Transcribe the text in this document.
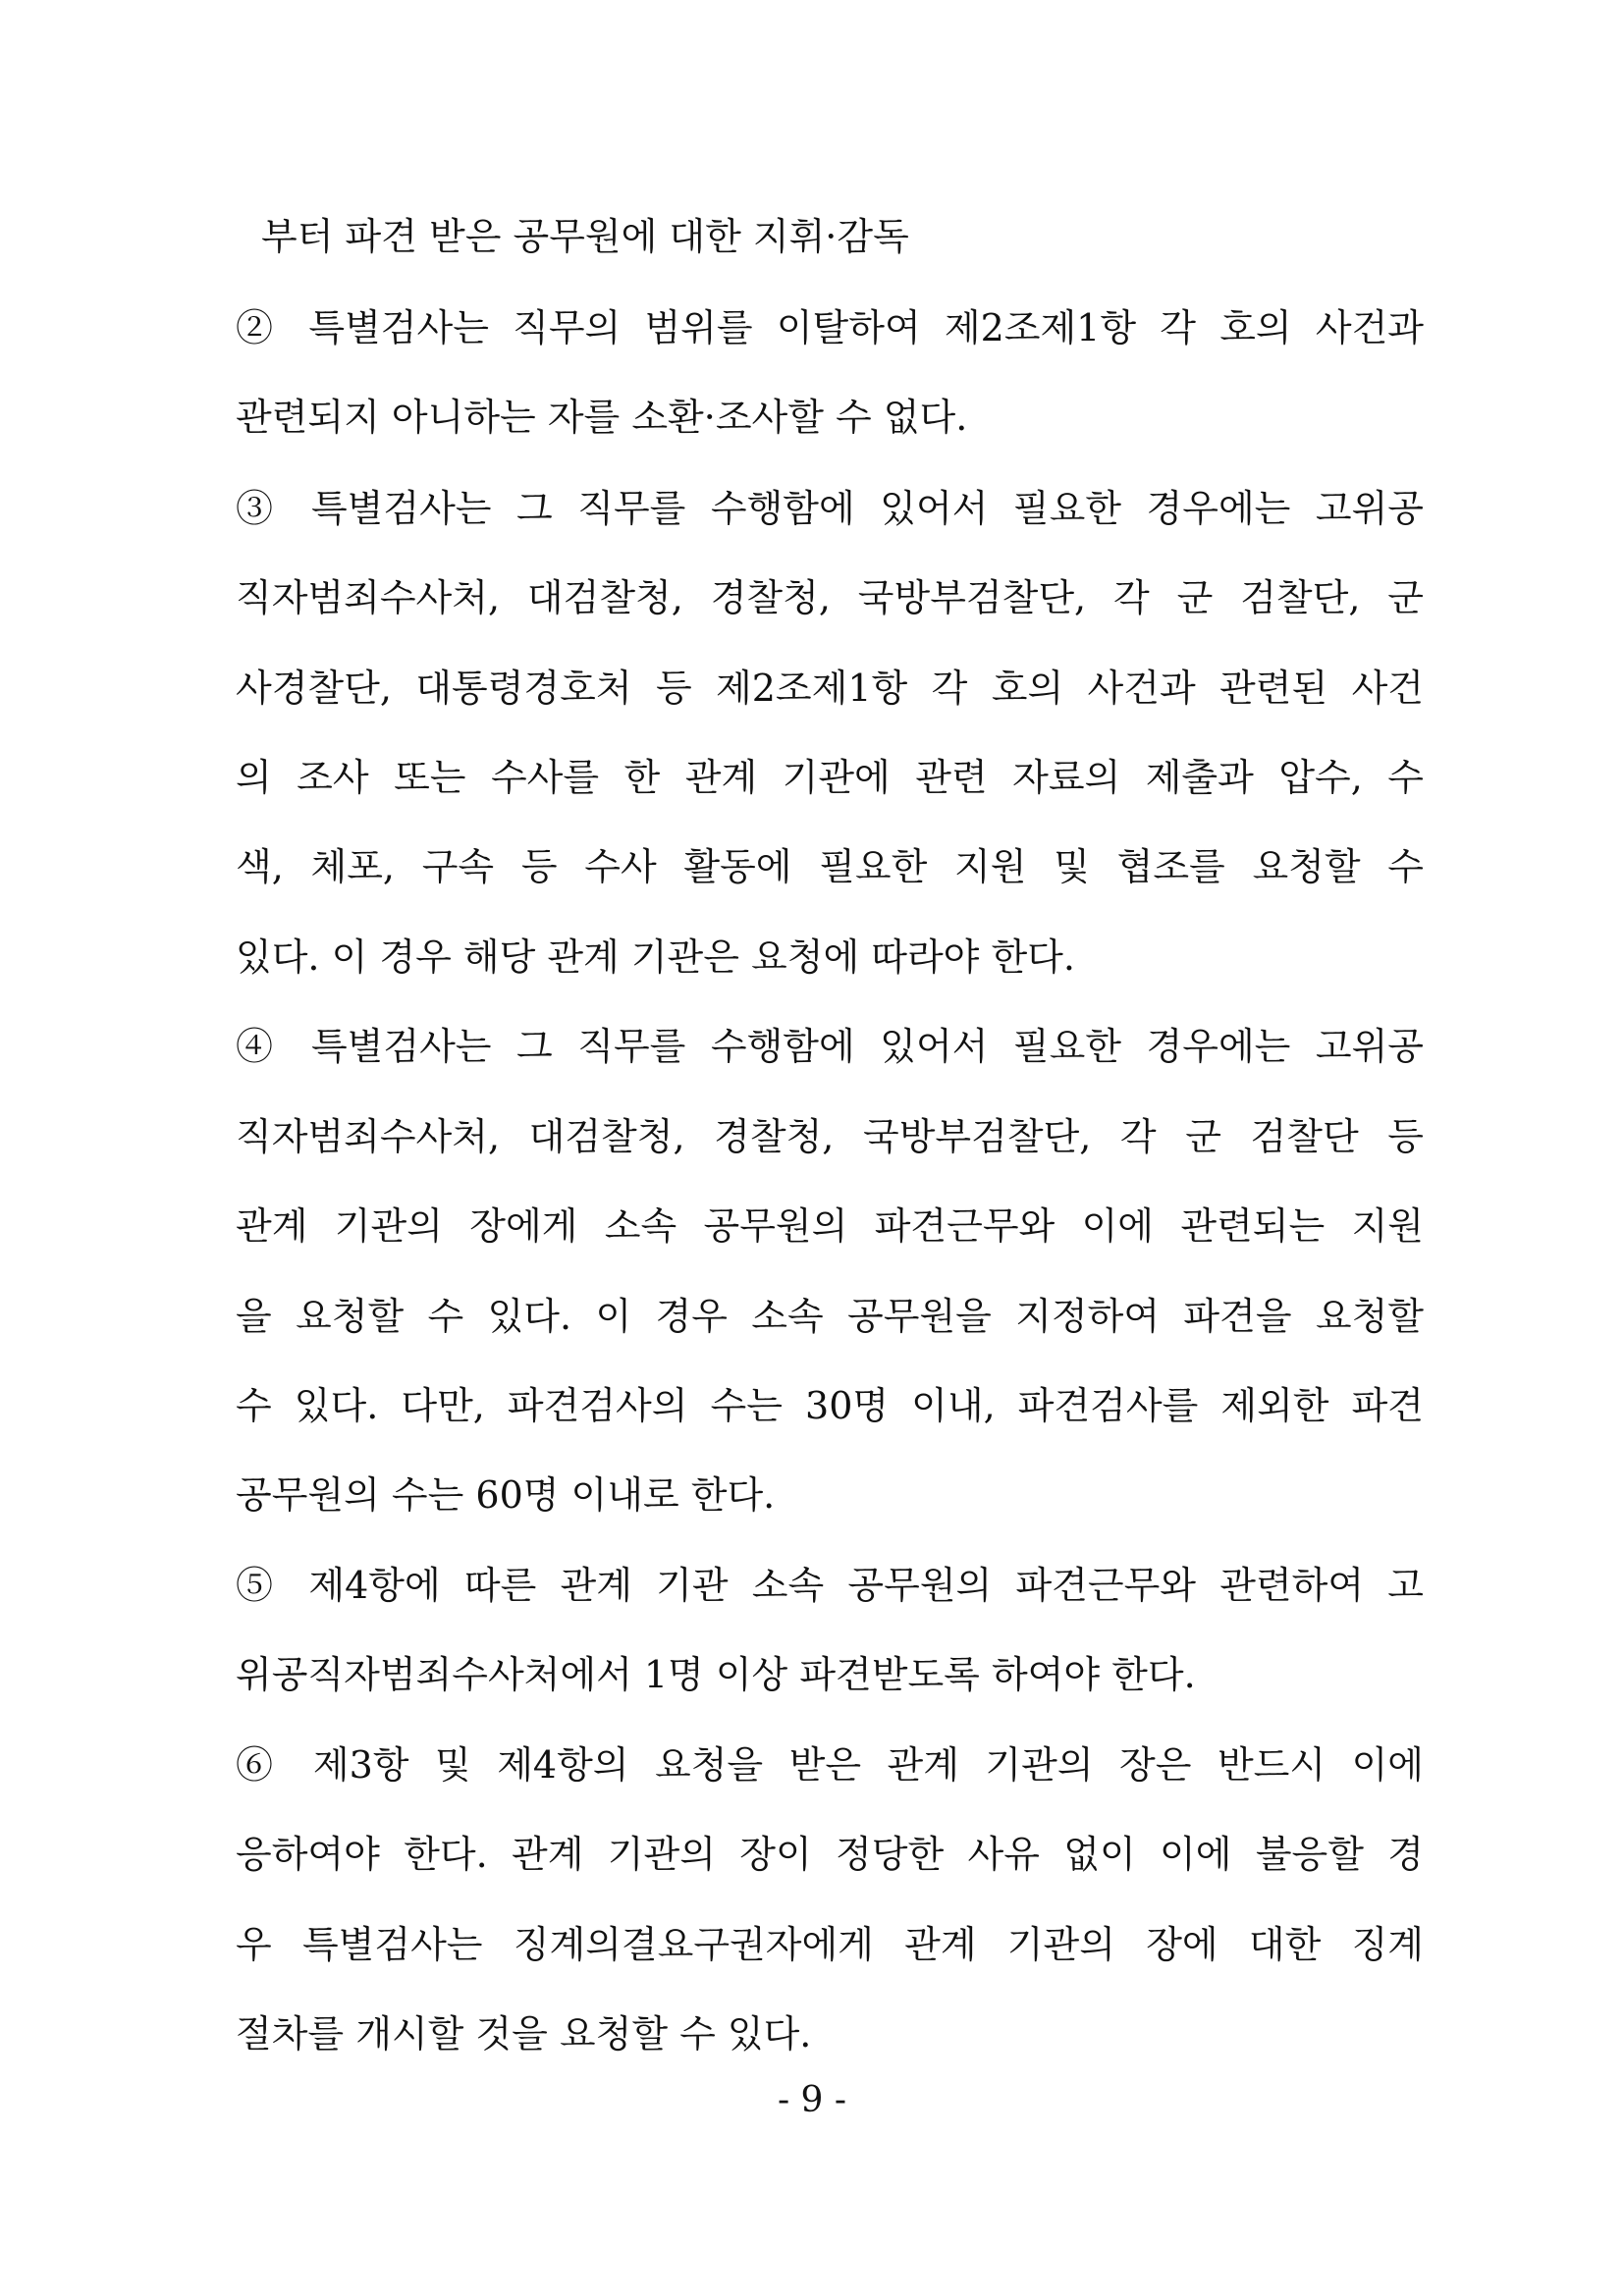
부터 파견 받은 공무원에 대한 지휘·감독
② 특별검사는 직무의 범위를 이탈하여 제2조제1항 각 호의 사건과
관련되지 아니하는 자를 소환·조사할 수 없다.
③ 특별검사는 그 직무를 수행함에 있어서 필요한 경우에는 고위공
직자범죄수사처, 대검찰청, 경찰청, 국방부검찰단, 각 군 검찰단, 군
사경찰단, 대통령경호처 등 제2조제1항 각 호의 사건과 관련된 사건
의 조사 또는 수사를 한 관계 기관에 관련 자료의 제출과 압수, 수
색, 체포, 구속 등 수사 활동에 필요한 지원 및 협조를 요청할 수
있다. 이 경우 해당 관계 기관은 요청에 따라야 한다.
④ 특별검사는 그 직무를 수행함에 있어서 필요한 경우에는 고위공
직자범죄수사처, 대검찰청, 경찰청, 국방부검찰단, 각 군 검찰단 등
관계 기관의 장에게 소속 공무원의 파견근무와 이에 관련되는 지원
을 요청할 수 있다. 이 경우 소속 공무원을 지정하여 파견을 요청할
수 있다. 다만, 파견검사의 수는 30명 이내, 파견검사를 제외한 파견
공무원의 수는 60명 이내로 한다.
⑤ 제4항에 따른 관계 기관 소속 공무원의 파견근무와 관련하여 고
위공직자범죄수사처에서 1명 이상 파견받도록 하여야 한다.
⑥ 제3항 및 제4항의 요청을 받은 관계 기관의 장은 반드시 이에
응하여야 한다. 관계 기관의 장이 정당한 사유 없이 이에 불응할 경
우 특별검사는 징계의결요구권자에게 관계 기관의 장에 대한 징계
절차를 개시할 것을 요청할 수 있다.
- 9 -
